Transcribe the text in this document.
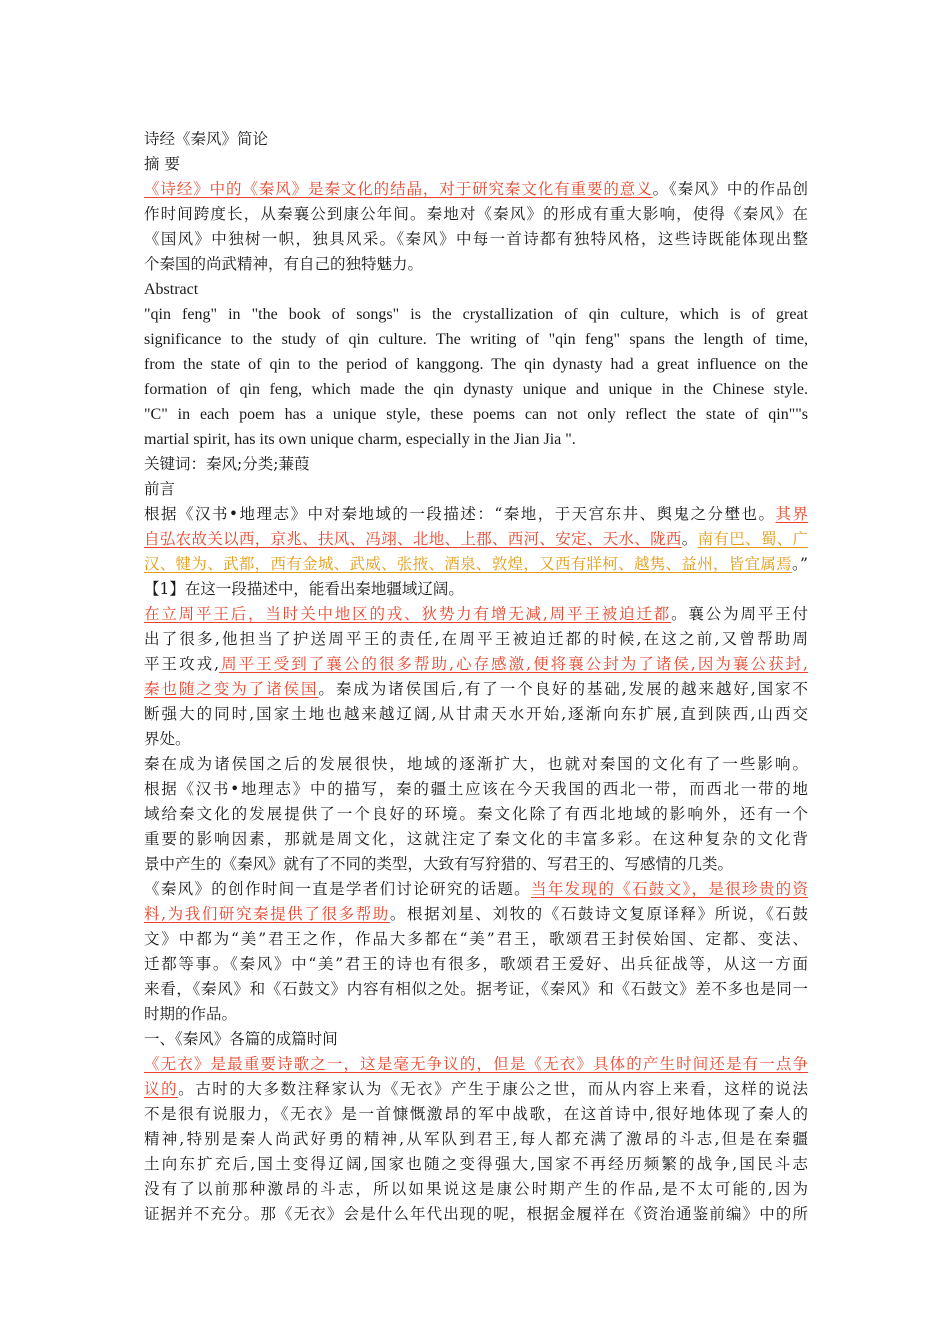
诗经《秦风》简论
摘 要
《诗经》中的《秦风》是秦文化的结晶，对于研究秦文化有重要的意义。《秦风》中的作品创
作时间跨度长，从秦襄公到康公年间。秦地对《秦风》的形成有重大影响，使得《秦风》在
《国风》中独树一帜，独具风采。《秦风》中每一首诗都有独特风格，这些诗既能体现出整
个秦国的尚武精神，有自己的独特魅力。
Abstract
"qin feng" in "the book of songs" is the crystallization of qin culture, which is of great
significance to the study of qin culture. The writing of "qin feng" spans the length of time,
from the state of qin to the period of kanggong. The qin dynasty had a great influence on the
formation of qin feng, which made the qin dynasty unique and unique in the Chinese style.
"C" in each poem has a unique style, these poems can not only reflect the state of qin""s
martial spirit, has its own unique charm, especially in the Jian Jia ".
关键词：秦风;分类;蒹葭
前言
根据《汉书•地理志》中对秦地域的一段描述：“秦地，于天宫东井、舆鬼之分壄也。其界
自弘农故关以西，京兆、扶风、冯翊、北地、上郡、西河、安定、天水、陇西。南有巴、蜀、广
汉、犍为、武都，西有金城、武威、张掖、酒泉、敦煌，又西有牂柯、越隽、益州，皆宜属焉。”
【1】在这一段描述中，能看出秦地疆域辽阔。
在立周平王后，当时关中地区的戎、狄势力有增无减,周平王被迫迁都。襄公为周平王付
出了很多,他担当了护送周平王的责任,在周平王被迫迁都的时候,在这之前,又曾帮助周
平王攻戎,周平王受到了襄公的很多帮助,心存感激,便将襄公封为了诸侯,因为襄公获封,
秦也随之变为了诸侯国。秦成为诸侯国后,有了一个良好的基础,发展的越来越好,国家不
断强大的同时,国家土地也越来越辽阔,从甘肃天水开始,逐渐向东扩展,直到陕西,山西交
界处。
秦在成为诸侯国之后的发展很快，地域的逐渐扩大，也就对秦国的文化有了一些影响。
根据《汉书•地理志》中的描写，秦的疆土应该在今天我国的西北一带，而西北一带的地
域给秦文化的发展提供了一个良好的环境。秦文化除了有西北地域的影响外，还有一个
重要的影响因素，那就是周文化，这就注定了秦文化的丰富多彩。在这种复杂的文化背
景中产生的《秦风》就有了不同的类型，大致有写狩猎的、写君王的、写感情的几类。
《秦风》的创作时间一直是学者们讨论研究的话题。当年发现的《石鼓文》，是很珍贵的资
料,为我们研究秦提供了很多帮助。根据刘星、刘牧的《石鼓诗文复原译释》所说，《石鼓
文》中都为“美”君王之作，作品大多都在“美”君王，歌颂君王封侯始国、定都、变法、
迁都等事。《秦风》中“美”君王的诗也有很多，歌颂君王爱好、出兵征战等，从这一方面
来看，《秦风》和《石鼓文》内容有相似之处。据考证，《秦风》和《石鼓文》差不多也是同一
时期的作品。
一、《秦风》各篇的成篇时间
《无衣》是最重要诗歌之一，这是毫无争议的，但是《无衣》具体的产生时间还是有一点争
议的。古时的大多数注释家认为《无衣》产生于康公之世，而从内容上来看，这样的说法
不是很有说服力，《无衣》是一首慷慨激昂的军中战歌，在这首诗中,很好地体现了秦人的
精神,特别是秦人尚武好勇的精神,从军队到君王,每人都充满了激昂的斗志,但是在秦疆
土向东扩充后,国土变得辽阔,国家也随之变得强大,国家不再经历频繁的战争,国民斗志
没有了以前那种激昂的斗志，所以如果说这是康公时期产生的作品,是不太可能的,因为
证据并不充分。那《无衣》会是什么年代出现的呢，根据金履祥在《资治通鉴前编》中的所
